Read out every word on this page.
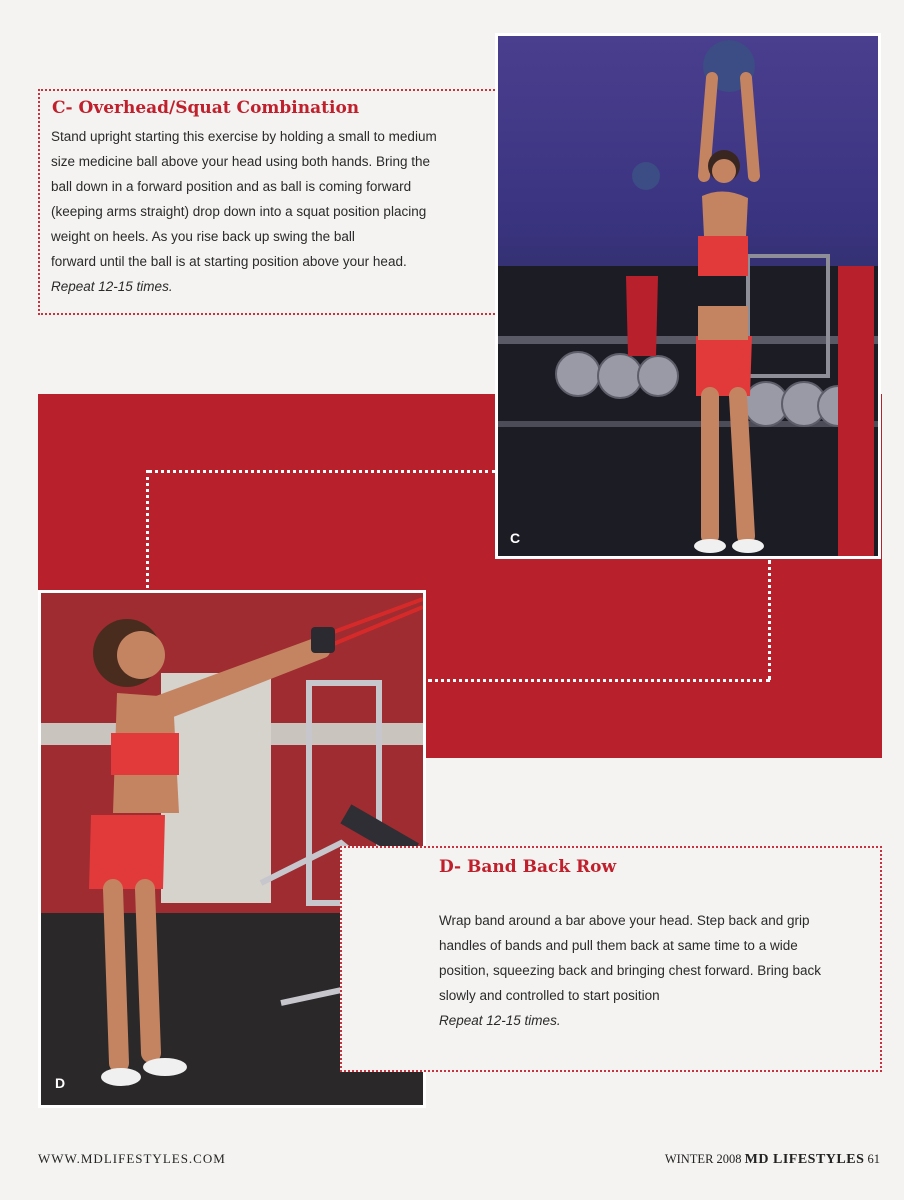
C- Overhead/Squat Combination
Stand upright starting this exercise by holding a small to medium
size medicine ball above your head using both hands. Bring the
ball down in a forward position and as ball is coming forward
(keeping arms straight) drop down into a squat position placing
weight on heels. As you rise back up swing the ball
forward until the ball is at starting position above your head.
Repeat 12-15 times.
C
D
D- Band Back Row
Wrap band around a bar above your head. Step back and grip
handles of bands and pull them back at same time to a wide
position, squeezing back and bringing chest forward. Bring back
slowly and controlled to start position
Repeat 12-15 times.
WWW.MDLIFESTYLES.COM	WINTER 2008 MD LIFESTYLES 61
